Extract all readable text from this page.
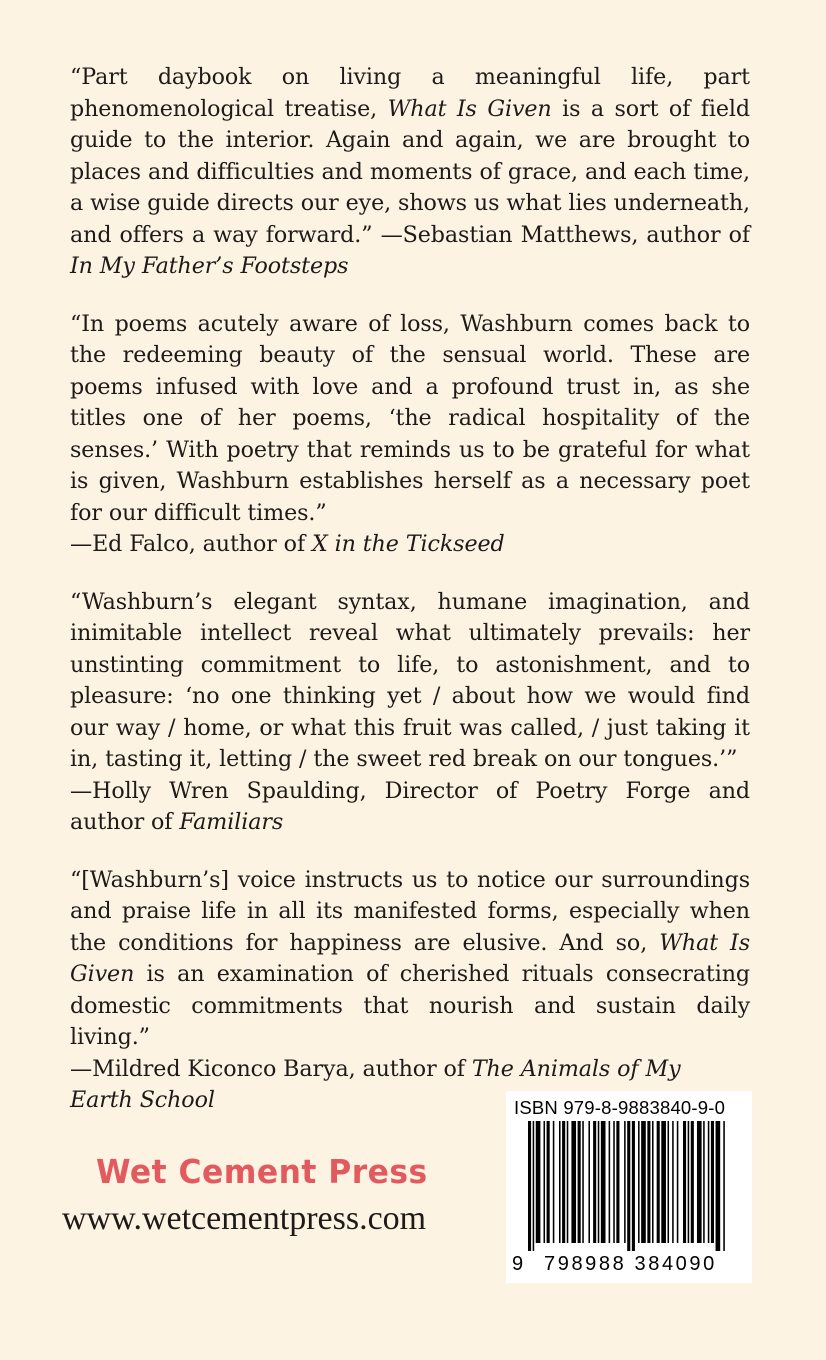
“Part daybook on living a meaningful life, part phenomenological treatise, What Is Given is a sort of field guide to the interior. Again and again, we are brought to places and difficulties and moments of grace, and each time, a wise guide directs our eye, shows us what lies underneath, and offers a way forward.” —Sebastian Matthews, author of In My Father’s Footsteps

“In poems acutely aware of loss, Washburn comes back to the redeeming beauty of the sensual world. These are poems infused with love and a profound trust in, as she titles one of her poems, ‘the radical hospitality of the senses.’ With poetry that reminds us to be grateful for what is given, Washburn establishes herself as a necessary poet for our difficult times.”

—Ed Falco, author of X in the Tickseed

“Washburn’s elegant syntax, humane imagination, and inimitable intellect reveal what ultimately prevails: her unstinting commitment to life, to astonishment, and to pleasure: ‘no one thinking yet / about how we would find our way / home, or what this fruit was called, / just taking it in, tasting it, letting / the sweet red break on our tongues.’”

—Holly Wren Spaulding, Director of Poetry Forge and author of Familiars

“[Washburn’s] voice instructs us to notice our surroundings and praise life in all its manifested forms, especially when the conditions for happiness are elusive. And so, What Is Given is an examination of cherished rituals consecrating domestic commitments that nourish and sustain daily living.”

—Mildred Kiconco Barya, author of The Animals of My Earth School

Wet Cement Press
www.wetcementpress.com
ISBN 979-8-9883840-9-0
9 798988 384090
